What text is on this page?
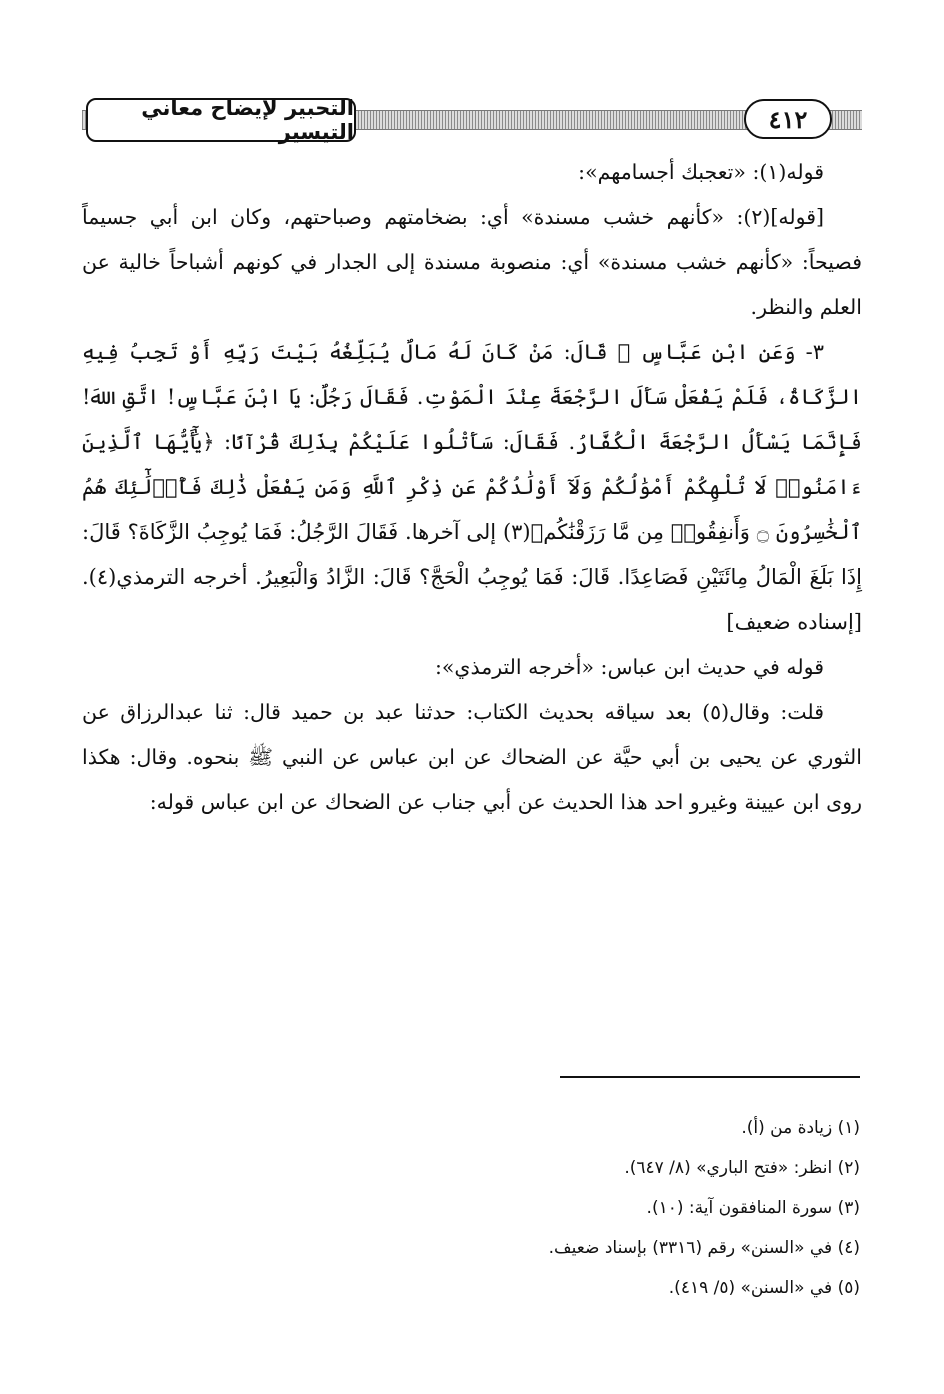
التحبير لإيضاح معاني التيسير	٤١٢

قوله(١): «تعجبك أجسامهم»:

[قوله](٢): «كأنهم خشب مسندة» أي: بضخامتهم وصباحتهم، وكان ابن أبي جسيماً فصيحاً: «كأنهم خشب مسندة» أي: منصوبة مسندة إلى الجدار في كونهم أشباحاً خالية عن العلم والنظر.

٣- وَعَنِ ابْنِ عَبَّاسٍ ﷺ قَالَ: مَنْ كَانَ لَهُ مَالٌ يُبَلِّغُهُ بَيْتَ رَبِّهِ أَوْ تَجِبُ فِيهِ الزَّكَاةُ، فَلَمْ يَفْعَلْ سَأَلَ الرَّجْعَةَ عِنْدَ الْمَوْتِ. فَقَالَ رَجُلٌ: يَا ابْنَ عَبَّاسٍ! اتَّقِ اللهَ! فَإِنَّمَا يَسْأَلُ الرَّجْعَةَ الْكُفَّارُ. فَقَالَ: سَأَتْلُوا عَلَيْكُمْ بِذَلِكَ قُرْآنًا: ﴿يَٰٓأَيُّهَا ٱلَّذِينَ ءَامَنُوا۟ لَا تُلْهِكُمْ أَمْوَٰلُكُمْ وَلَآ أَوْلَٰدُكُمْ عَن ذِكْرِ ٱللَّهِ وَمَن يَفْعَلْ ذَٰلِكَ فَأُو۟لَٰٓئِكَ هُمُ ٱلْخَٰسِرُونَ ۝ وَأَنفِقُوا۟ مِن مَّا رَزَقْنَٰكُم﴾(٣) إلى آخرها. فَقَالَ الرَّجُلُ: فَمَا يُوجِبُ الزَّكَاةَ؟ قَالَ: إِذَا بَلَغَ الْمَالُ مِائَتَيْنِ فَصَاعِدًا. قَالَ: فَمَا يُوجِبُ الْحَجَّ؟ قَالَ: الزَّادُ وَالْبَعِيرُ. أخرجه الترمذي(٤). [إسناده ضعيف]

قوله في حديث ابن عباس: «أخرجه الترمذي»:

قلت: وقال(٥) بعد سياقه بحديث الكتاب: حدثنا عبد بن حميد قال: ثنا عبدالرزاق عن الثوري عن يحيى بن أبي حيَّة عن الضحاك عن ابن عباس عن النبي ﷺ بنحوه. وقال: هكذا روى ابن عيينة وغيرو احد هذا الحديث عن أبي جناب عن الضحاك عن ابن عباس قوله:

(١) زيادة من (أ).
(٢) انظر: «فتح الباري» (٨/ ٦٤٧).
(٣) سورة المنافقون آية: (١٠).
(٤) في «السنن» رقم (٣٣١٦) بإسناد ضعيف.
(٥) في «السنن» (٥/ ٤١٩).
